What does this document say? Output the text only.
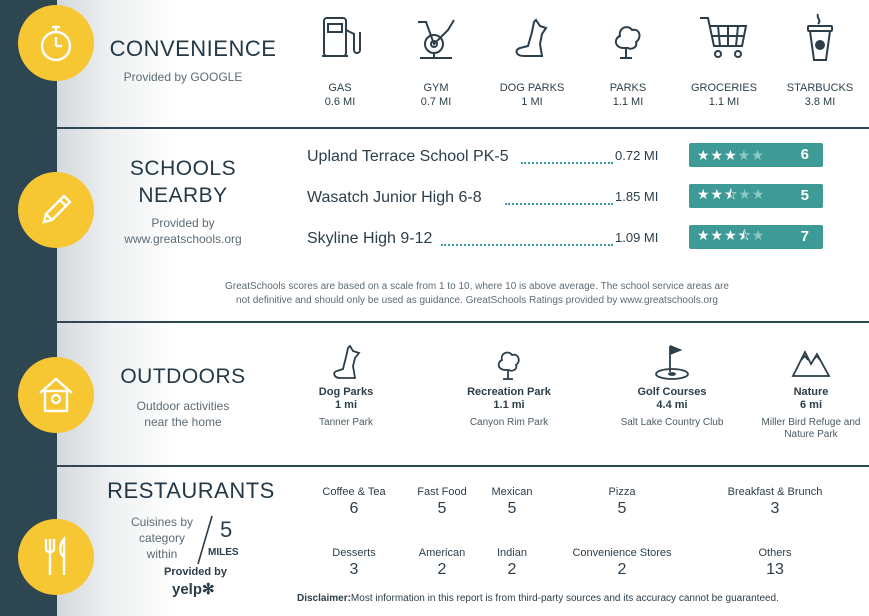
CONVENIENCE
Provided by GOOGLE
GAS
0.6 MI
GYM
0.7 MI
DOG PARKS
1 MI
PARKS
1.1 MI
GROCERIES
1.1 MI
STARBUCKS
3.8 MI
SCHOOLS
NEARBY
Provided by
www.greatschools.org
Upland Terrace School PK-5	0.72 MI	★★★★★ 6
Wasatch Junior High 6-8	1.85 MI	★★⯪★★ 5
Skyline High 9-12	1.09 MI	★★★⯪★ 7
GreatSchools scores are based on a scale from 1 to 10, where 10 is above average. The school service areas are
not definitive and should only be used as guidance. GreatSchools Ratings provided by www.greatschools.org
OUTDOORS
Outdoor activities
near the home
Dog Parks
1 mi
Tanner Park
Recreation Park
1.1 mi
Canyon Rim Park
Golf Courses
4.4 mi
Salt Lake Country Club
Nature
6 mi
Miller Bird Refuge and Nature Park
RESTAURANTS
Cuisines by
category
within
5
MILES
Provided by
yelp✻
Coffee & Tea
6
Fast Food
5
Mexican
5
Pizza
5
Breakfast & Brunch
3
Desserts
3
American
2
Indian
2
Convenience Stores
2
Others
13
Disclaimer:Most information in this report is from third-party sources and its accuracy cannot be guaranteed.
